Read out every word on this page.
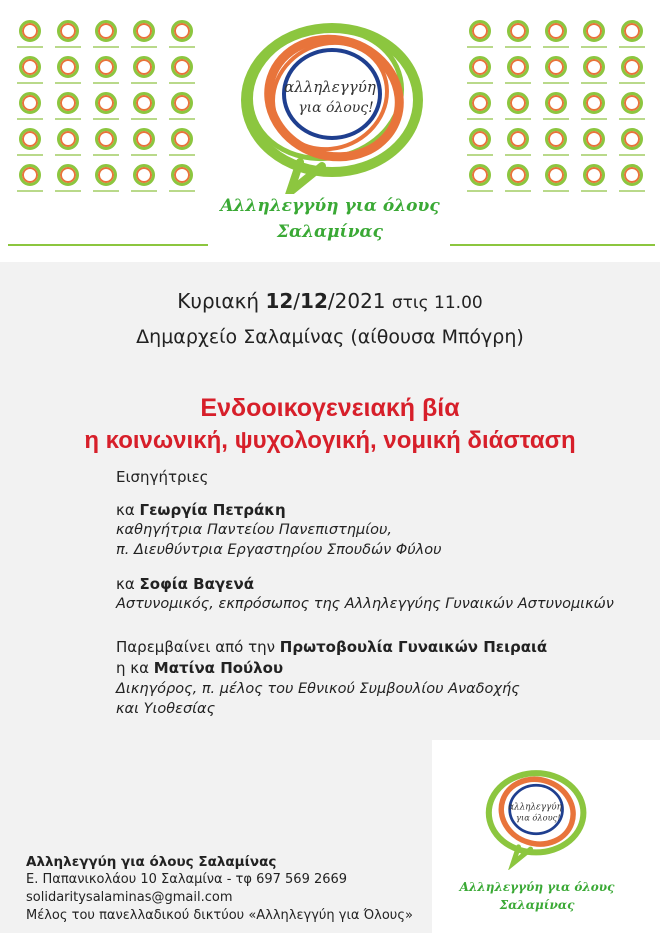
αλληλεγγύη
για όλους!
Αλληλεγγύη για όλους
Σαλαμίνας
Κυριακή 12/12/2021 στις 11.00
Δημαρχείο Σαλαμίνας (αίθουσα Μπόγρη)
Ενδοοικογενειακή βία
η κοινωνική, ψυχολογική, νομική διάσταση
Εισηγήτριες
κα Γεωργία Πετράκη
καθηγήτρια Παντείου Πανεπιστημίου,
π. Διευθύντρια Εργαστηρίου Σπουδών Φύλου
κα Σοφία Βαγενά
Αστυνομικός, εκπρόσωπος της Αλληλεγγύης Γυναικών Αστυνομικών
Παρεμβαίνει από την Πρωτοβουλία Γυναικών Πειραιά
η κα Ματίνα Πούλου
Δικηγόρος, π. μέλος του Εθνικού Συμβουλίου Αναδοχής
και Υιοθεσίας
Αλληλεγγύη για όλους Σαλαμίνας
Ε. Παπανικολάου 10 Σαλαμίνα - τφ 697 569 2669
solidaritysalaminas@gmail.com
Μέλος του πανελλαδικού δικτύου «Αλληλεγγύη για Όλους»
αλληλεγγύη
για όλους!
Αλληλεγγύη για όλους
Σαλαμίνας
